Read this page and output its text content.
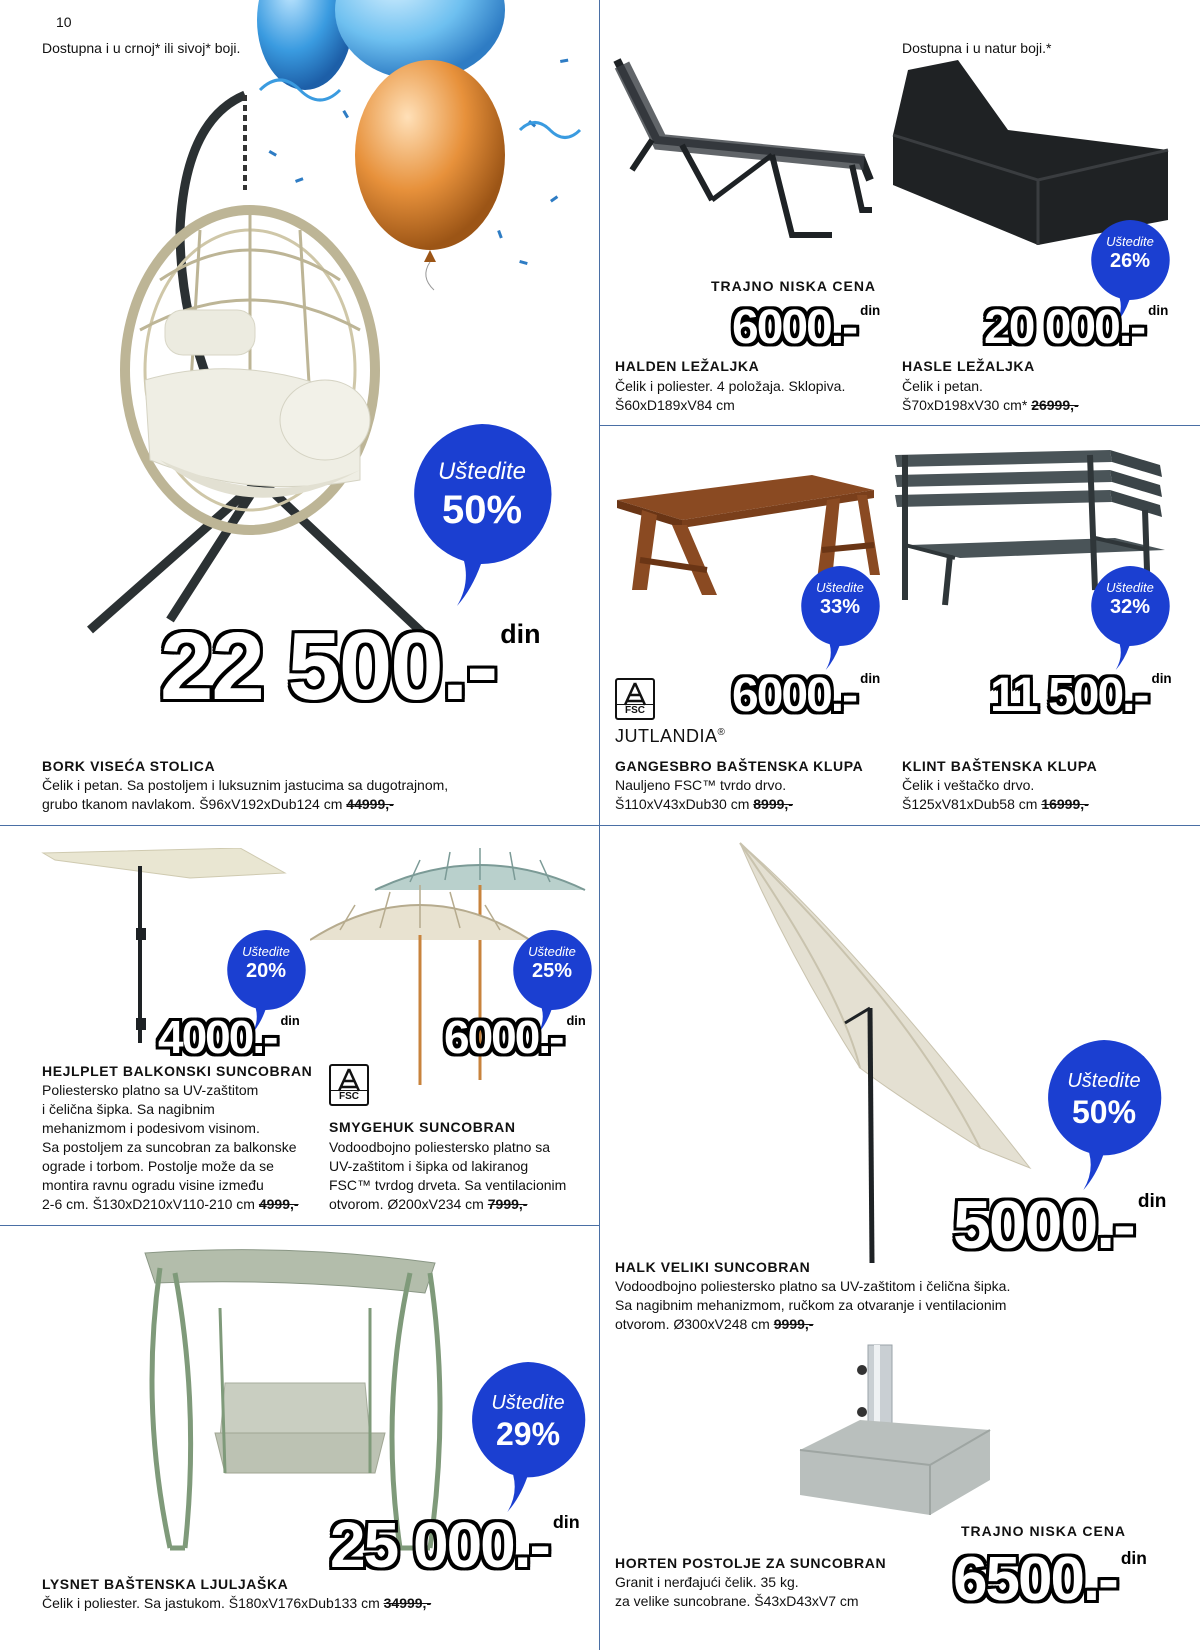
10
Dostupna i u crnoj* ili sivoj* boji.	Dostupna i u natur boji.*
Uštedite
50%
22 500.- $^{din}$
BORK VISEĆA STOLICA
Čelik i petan. Sa postoljem i luksuznim jastucima sa dugotrajnom,
grubo tkanom navlakom. Š96xV192xDub124 cm 44999,-
Uštedite
26%
TRAJNO NISKA CENA
6000.- $^{din}$ 20 000.- $^{din}$
HALDEN LEŽALJKA
Čelik i poliester. 4 položaja. Sklopiva.
Š60xD189xV84 cm
HASLE LEŽALJKA
Čelik i petan.
Š70xD198xV30 cm* 26999,-
Uštedite
33%
FSC
JUTLANDIA®
6000.- $^{din}$
Uštedite
32%
11 500.- $^{din}$
GANGESBRO BAŠTENSKA KLUPA
Nauljeno FSC™ tvrdo drvo.
Š110xV43xDub30 cm 8999,-
KLINT BAŠTENSKA KLUPA
Čelik i veštačko drvo.
Š125xV81xDub58 cm 16999,-
Uštedite
20%
4000.- $^{din}$
Uštedite
25%
6000.- $^{din}$
FSC
HEJLPLET BALKONSKI SUNCOBRAN
Poliestersko platno sa UV-zaštitom
i čeličnа šipka. Sa nagibnim
mehanizmom i podesivom visinom.
Sa postoljem za suncobran za balkonske
ograde i torbom. Postolje može da se
montira ravnu ogradu visine između
2-6 cm. Š130xD210xV110-210 cm 4999,-
SMYGEHUK SUNCOBRAN
Vodoodbojno poliestersko platno sa
UV-zaštitom i šipka od lakiranog
FSC™ tvrdog drveta. Sa ventilacionim
otvorom. Ø200xV234 cm 7999,-
Uštedite
50%
5000.- $^{din}$
HALK VELIKI SUNCOBRAN
Vodoodbojno poliestersko platno sa UV-zaštitom i čeličnа šipka.
Sa nagibnim mehanizmom, ručkom za otvaranje i ventilacionim
otvorom. Ø300xV248 cm 9999,-
Uštedite
29%
25 000.- $^{din}$
LYSNET BAŠTENSKA LJULJAŠKA
Čelik i poliester. Sa jastukom. Š180xV176xDub133 cm 34999,-
TRAJNO NISKA CENA
6500.- $^{din}$
HORTEN POSTOLJE ZA SUNCOBRAN
Granit i nerđajući čelik. 35 kg.
za velike suncobrane. Š43xD43xV7 cm
